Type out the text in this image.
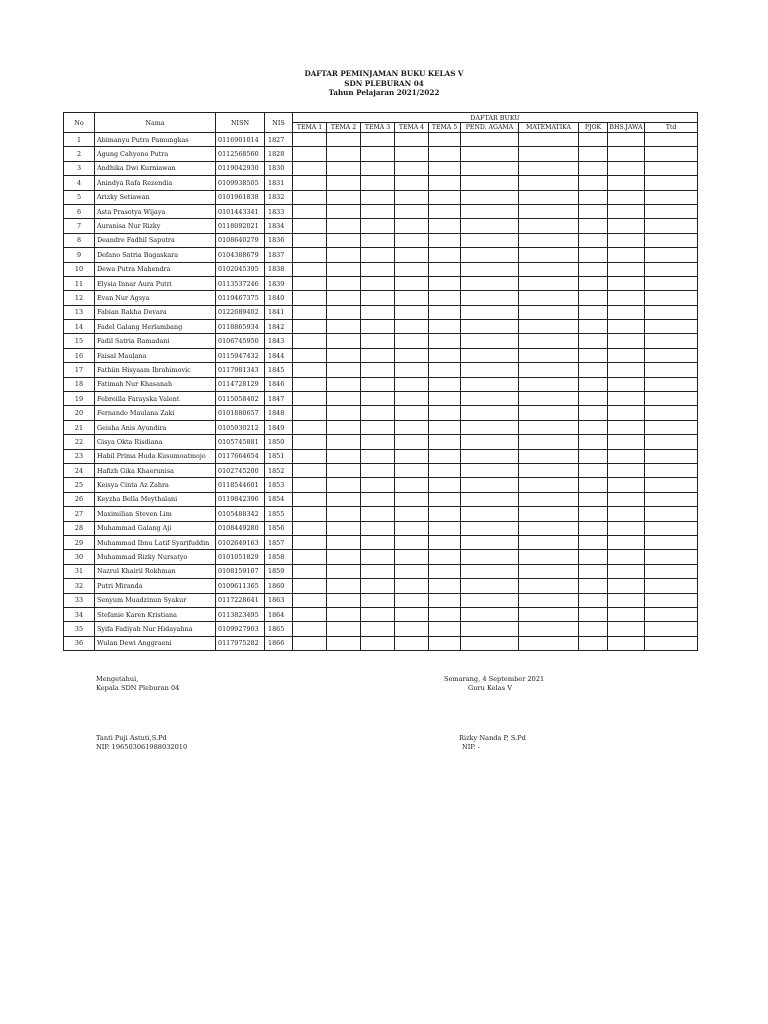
DAFTAR PEMINJAMAN BUKU KELAS V
SDN PLEBURAN 04
Tahun Pelajaran 2021/2022
No	Nama	NISN	NIS	DAFTAR BUKU									
				TEMA 1	TEMA 2	TEMA 3	TEMA 4	TEMA 5	PEND. AGAMA	MATEMATIKA	PJOK	BHS.JAWA	Ttd
1	Abimanyu Putra Pamungkas	0116901014	1827										
2	Agung Cahyono Putra	0112568560	1828										
3	Andhika Dwi Kurniawan	0119042930	1830										
4	Anindya Rafa Rezendia	0109938505	1831										
5	Arizky Setiawan	0101961838	1832										
6	Asta Prasetya Wijaya	0101443341	1833										
7	Auranisa Nur Rizky	0118092021	1834										
8	Deandre Fadhil Saputra	0108640279	1836										
9	Defano Satria Bagaskara	0104388679	1837										
10	Dewa Putra Mahendra	0102045395	1838										
11	Elysia Innar Aura Putri	0113537246	1839										
12	Evan Nur Agsya	0119467375	1840										
13	Fabian Rakha Devara	0122689402	1841										
14	Fadel Galang Herlambang	0118865934	1842										
15	Fadil Satria Ramadani	0106745950	1843										
16	Faisal Maulana	0115947432	1844										
17	Fathiin Hisyaam Ibrahimovic	0117981343	1845										
18	Fatimah Nur Khasanah	0114728129	1846										
19	Febreilla Farayska Valent	0115058402	1847										
20	Fernando Maulana Zaki	0101880657	1848										
21	Geisha Anis Ayundira	0105930212	1849										
22	Gisya Okta Risdiana	0105745881	1850										
23	Habil Prima Huda Kusumoatmojo	0117664654	1851										
24	Hafizh Gika Khaerunisa	0102745200	1852										
25	Keisya Cinta Az Zahra	0118544601	1853										
26	Keyzha Bella Meythalani	0119842396	1854										
27	Maximilian Steven Lim	0105488342	1855										
28	Muhammad Galang Aji	0108449280	1856										
29	Muhammad Ibnu Latif Syarifuddin	0102649163	1857										
30	Muhammad Rizky Nursatyo	0101051829	1858										
31	Nazrul Khairil Rokhman	0108159107	1859										
32	Putri Miranda	0109611365	1860										
33	Senyum Muadzinun Syakur	0117228641	1863										
34	Stefanie Karen Kristiana	0113823495	1864										
35	Syifa Fadiyah Nur Hidayahna	0109927903	1865										
36	Wulan Dewi Anggraeni	0117975282	1866										
Mengetahui,
Kepala SDN Pleburan 04
Tanti Puji Astuti,S.Pd
NIP. 196503061988032010
Semarang, 4 September 2021
Guru Kelas V
Rizky Nanda P, S.Pd
NIP. -
